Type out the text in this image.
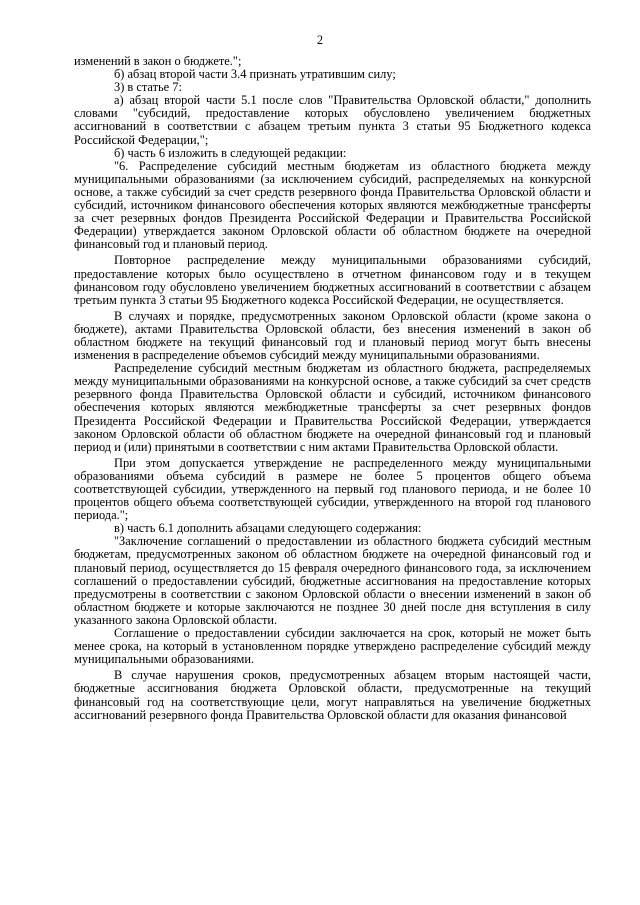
2

изменений в закон о бюджете.";

б) абзац второй части 3.4 признать утратившим силу;

3) в статье 7:

а) абзац второй части 5.1 после слов "Правительства Орловской области," дополнить словами "субсидий, предоставление которых обусловлено увеличением бюджетных ассигнований в соответствии с абзацем третьим пункта 3 статьи 95 Бюджетного кодекса Российской Федерации,";

б) часть 6 изложить в следующей редакции:

"6. Распределение субсидий местным бюджетам из областного бюджета между муниципальными образованиями (за исключением субсидий, распределяемых на конкурсной основе, а также субсидий за счет средств резервного фонда Правительства Орловской области и субсидий, источником финансового обеспечения которых являются межбюджетные трансферты за счет резервных фондов Президента Российской Федерации и Правительства Российской Федерации) утверждается законом Орловской области об областном бюджете на очередной финансовый год и плановый период.

Повторное распределение между муниципальными образованиями субсидий, предоставление которых было осуществлено в отчетном финансовом году и в текущем финансовом году обусловлено увеличением бюджетных ассигнований в соответствии с абзацем третьим пункта 3 статьи 95 Бюджетного кодекса Российской Федерации, не осуществляется.

В случаях и порядке, предусмотренных законом Орловской области (кроме закона о бюджете), актами Правительства Орловской области, без внесения изменений в закон об областном бюджете на текущий финансовый год и плановый период могут быть внесены изменения в распределение объемов субсидий между муниципальными образованиями.

Распределение субсидий местным бюджетам из областного бюджета, распределяемых между муниципальными образованиями на конкурсной основе, а также субсидий за счет средств резервного фонда Правительства Орловской области и субсидий, источником финансового обеспечения которых являются межбюджетные трансферты за счет резервных фондов Президента Российской Федерации и Правительства Российской Федерации, утверждается законом Орловской области об областном бюджете на очередной финансовый год и плановый период и (или) принятыми в соответствии с ним актами Правительства Орловской области.

При этом допускается утверждение не распределенного между муниципальными образованиями объема субсидий в размере не более 5 процентов общего объема соответствующей субсидии, утвержденного на первый год планового периода, и не более 10 процентов общего объема соответствующей субсидии, утвержденного на второй год планового периода.";

в) часть 6.1 дополнить абзацами следующего содержания:

"Заключение соглашений о предоставлении из областного бюджета субсидий местным бюджетам, предусмотренных законом об областном бюджете на очередной финансовый год и плановый период, осуществляется до 15 февраля очередного финансового года, за исключением соглашений о предоставлении субсидий, бюджетные ассигнования на предоставление которых предусмотрены в соответствии с законом Орловской области о внесении изменений в закон об областном бюджете и которые заключаются не позднее 30 дней после дня вступления в силу указанного закона Орловской области.

Соглашение о предоставлении субсидии заключается на срок, который не может быть менее срока, на который в установленном порядке утверждено распределение субсидий между муниципальными образованиями.

В случае нарушения сроков, предусмотренных абзацем вторым настоящей части, бюджетные ассигнования бюджета Орловской области, предусмотренные на текущий финансовый год на соответствующие цели, могут направляться на увеличение бюджетных ассигнований резервного фонда Правительства Орловской области для оказания финансовой
